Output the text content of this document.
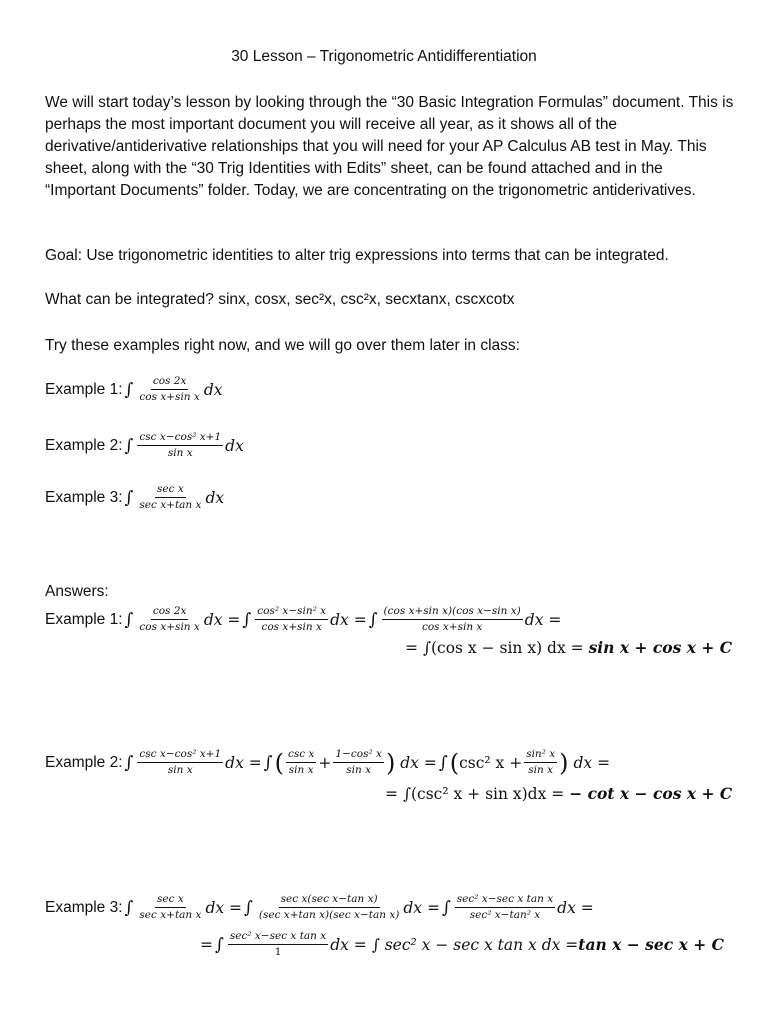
30 Lesson – Trigonometric Antidifferentiation
We will start today’s lesson by looking through the “30 Basic Integration Formulas” document. This is perhaps the most important document you will receive all year, as it shows all of the derivative/antiderivative relationships that you will need for your AP Calculus AB test in May. This sheet, along with the “30 Trig Identities with Edits” sheet, can be found attached and in the “Important Documents” folder. Today, we are concentrating on the trigonometric antiderivatives.
Goal: Use trigonometric identities to alter trig expressions into terms that can be integrated.
What can be integrated? sinx, cosx, sec²x, csc²x, secxtanx, cscxcotx
Try these examples right now, and we will go over them later in class:
Example 1: ∫ $\frac{\cos 2x}{\text{cos x+sin x}}$ dx
Example 2: ∫ $\frac{\text{csc x−cos² x+1}}{\text{sin x}}$ dx
Example 3: ∫ $\frac{\text{sec x}}{\text{sec x+tan x}}$ dx
Answers:
Example 1: ∫ $\frac{\cos 2x}{\text{cos x+sin x}}$ dx = ∫ $\frac{\text{cos² x−sin² x}}{\text{cos x+sin x}}$ dx = ∫ $\frac{\text{(cos x+sin x)(cos x−sin x)}}{\text{cos x+sin x}}$ dx =
= ∫(cos x − sin x) dx = sin x + cos x + C
Example 2: ∫ $\frac{\text{csc x−cos² x+1}}{\text{sin x}}$ dx = ∫ ( $\frac{\text{csc x}}{\text{sin x}} + \frac{\text{1−cos² x}}{\text{sin x}}$ ) dx = ∫ ( csc² $x + \frac{\text{sin² x}}{\text{sin x}}$ ) dx =
= ∫(csc² x + sin x)dx = − cot x − cos x + C
Example 3: ∫ $\frac{\text{sec x}}{\text{sec x+tan x}}$ dx = ∫ $\frac{\text{sec x(sec x−tan x)}}{\text{(sec x+tan x)(sec x−tan x)}}$ dx = ∫ $\frac{\text{sec² x−sec x tan x}}{\text{sec² x−tan² x}}$ dx =
= ∫ $\frac{\text{sec² x−sec x tan x}}{1}$ dx = ∫ sec² x − sec x tan x dx = tan x − sec x + C
